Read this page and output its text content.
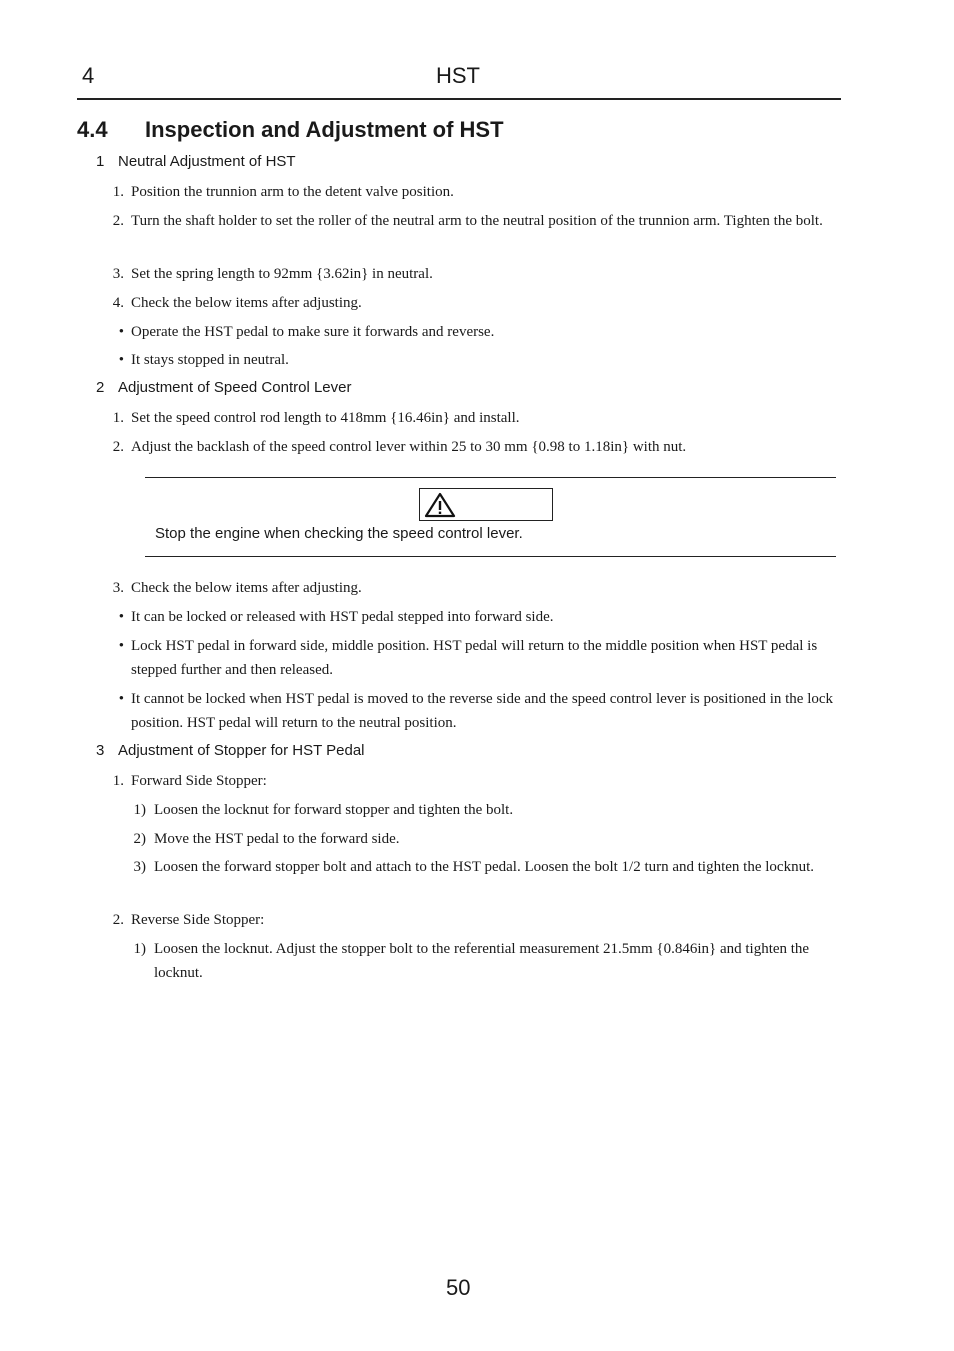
4	HST
4.4 Inspection and Adjustment of HST
1 Neutral Adjustment of HST
1. Position the trunnion arm to the detent valve position.
2. Turn the shaft holder to set the roller of the neutral arm to the neutral position of the trunnion arm. Tighten the bolt.
3. Set the spring length to 92mm {3.62in} in neutral.
4. Check the below items after adjusting.
• Operate the HST pedal to make sure it forwards and reverse.
• It stays stopped in neutral.
2 Adjustment of Speed Control Lever
1. Set the speed control rod length to 418mm {16.46in} and install.
2. Adjust the backlash of the speed control lever within 25 to 30 mm {0.98 to 1.18in} with nut.
Stop the engine when checking the speed control lever.
3. Check the below items after adjusting.
• It can be locked or released with HST pedal stepped into forward side.
• Lock HST pedal in forward side, middle position. HST pedal will return to the middle position when HST pedal is stepped further and then released.
• It cannot be locked when HST pedal is moved to the reverse side and the speed control lever is positioned in the lock position. HST pedal will return to the neutral position.
3 Adjustment of Stopper for HST Pedal
1. Forward Side Stopper:
1) Loosen the locknut for forward stopper and tighten the bolt.
2) Move the HST pedal to the forward side.
3) Loosen the forward stopper bolt and attach to the HST pedal. Loosen the bolt 1/2 turn and tighten the locknut.
2. Reverse Side Stopper:
1) Loosen the locknut. Adjust the stopper bolt to the referential measurement 21.5mm {0.846in} and tighten the locknut.
50
